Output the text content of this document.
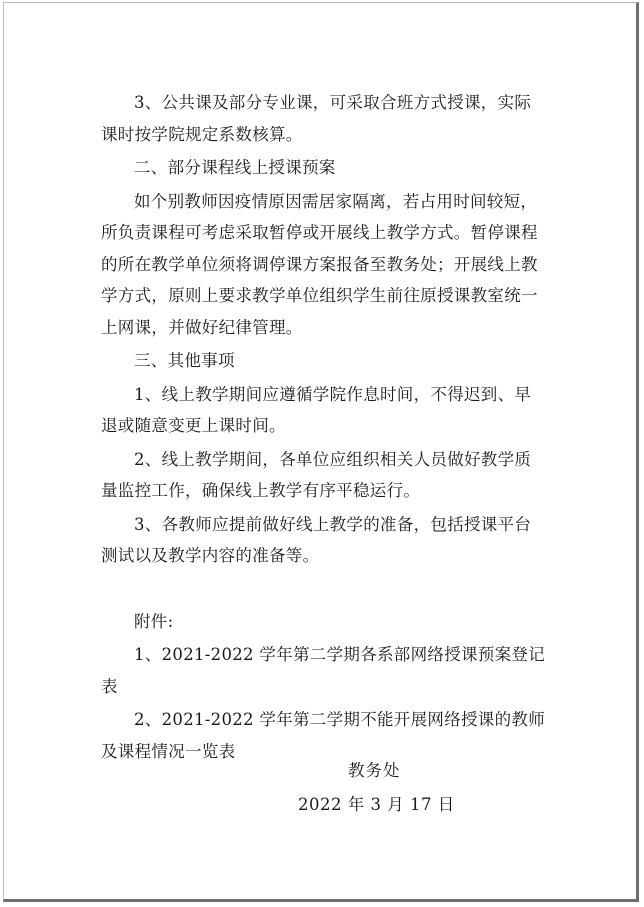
3、公共课及部分专业课，可采取合班方式授课，实际课时按学院规定系数核算。

二、部分课程线上授课预案

如个别教师因疫情原因需居家隔离，若占用时间较短，所负责课程可考虑采取暂停或开展线上教学方式。暂停课程的所在教学单位须将调停课方案报备至教务处；开展线上教学方式，原则上要求教学单位组织学生前往原授课教室统一上网课，并做好纪律管理。

三、其他事项

1、线上教学期间应遵循学院作息时间，不得迟到、早退或随意变更上课时间。

2、线上教学期间，各单位应组织相关人员做好教学质量监控工作，确保线上教学有序平稳运行。

3、各教师应提前做好线上教学的准备，包括授课平台测试以及教学内容的准备等。

附件:

1、2021-2022 学年第二学期各系部网络授课预案登记表

2、2021-2022 学年第二学期不能开展网络授课的教师及课程情况一览表

教务处
2022 年 3 月 17 日
